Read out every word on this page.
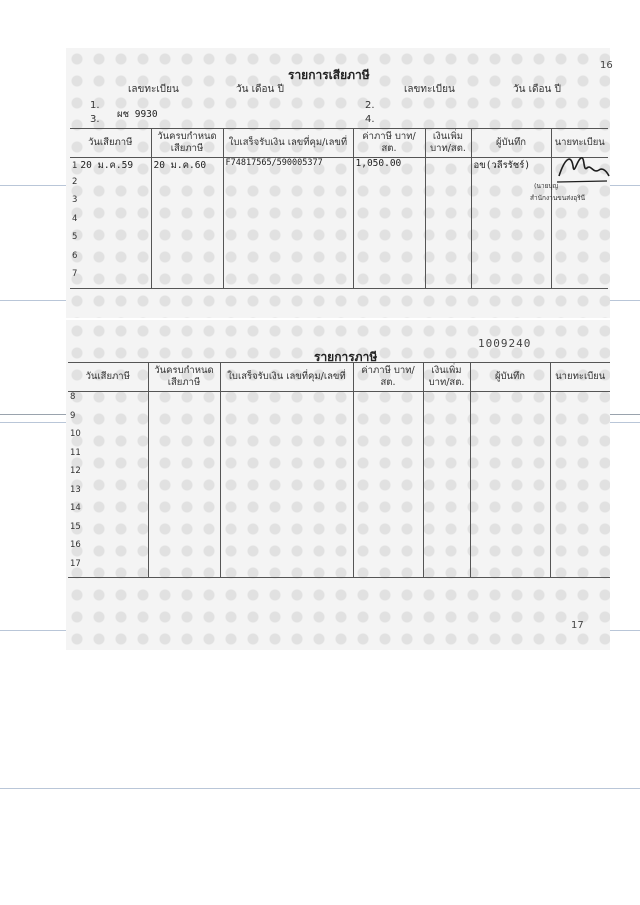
16
รายการเสียภาษี
เลขทะเบียน	วัน เดือน ปี	เลขทะเบียน	วัน เดือน ปี
1.	2.
3. ผช 9930	4.
วันเสียภาษี	วันครบกำหนด เสียภาษี	ใบเสร็จรับเงิน เลขที่คุม/เลขที่	ค่าภาษี บาท/สต.	เงินเพิ่ม บาท/สต.	ผู้บันทึก	นายทะเบียน
1 20 ม.ค.59	20 ม.ค.60	F74817565/590005377	1,050.00		อข(วลีรรัชร์)	
2						
3						
4						
5						
6						
7						
(นายบุญ
สำนักงานขนส่งอุรินี
1009240
รายการภาษี
วันเสียภาษี	วันครบกำหนด เสียภาษี	ใบเสร็จรับเงิน เลขที่คุม/เลขที่	ค่าภาษี บาท/สต.	เงินเพิ่ม บาท/สต.	ผู้บันทึก	นายทะเบียน
8						
9						
10						
11						
12						
13						
14						
15						
16						
17						
17
